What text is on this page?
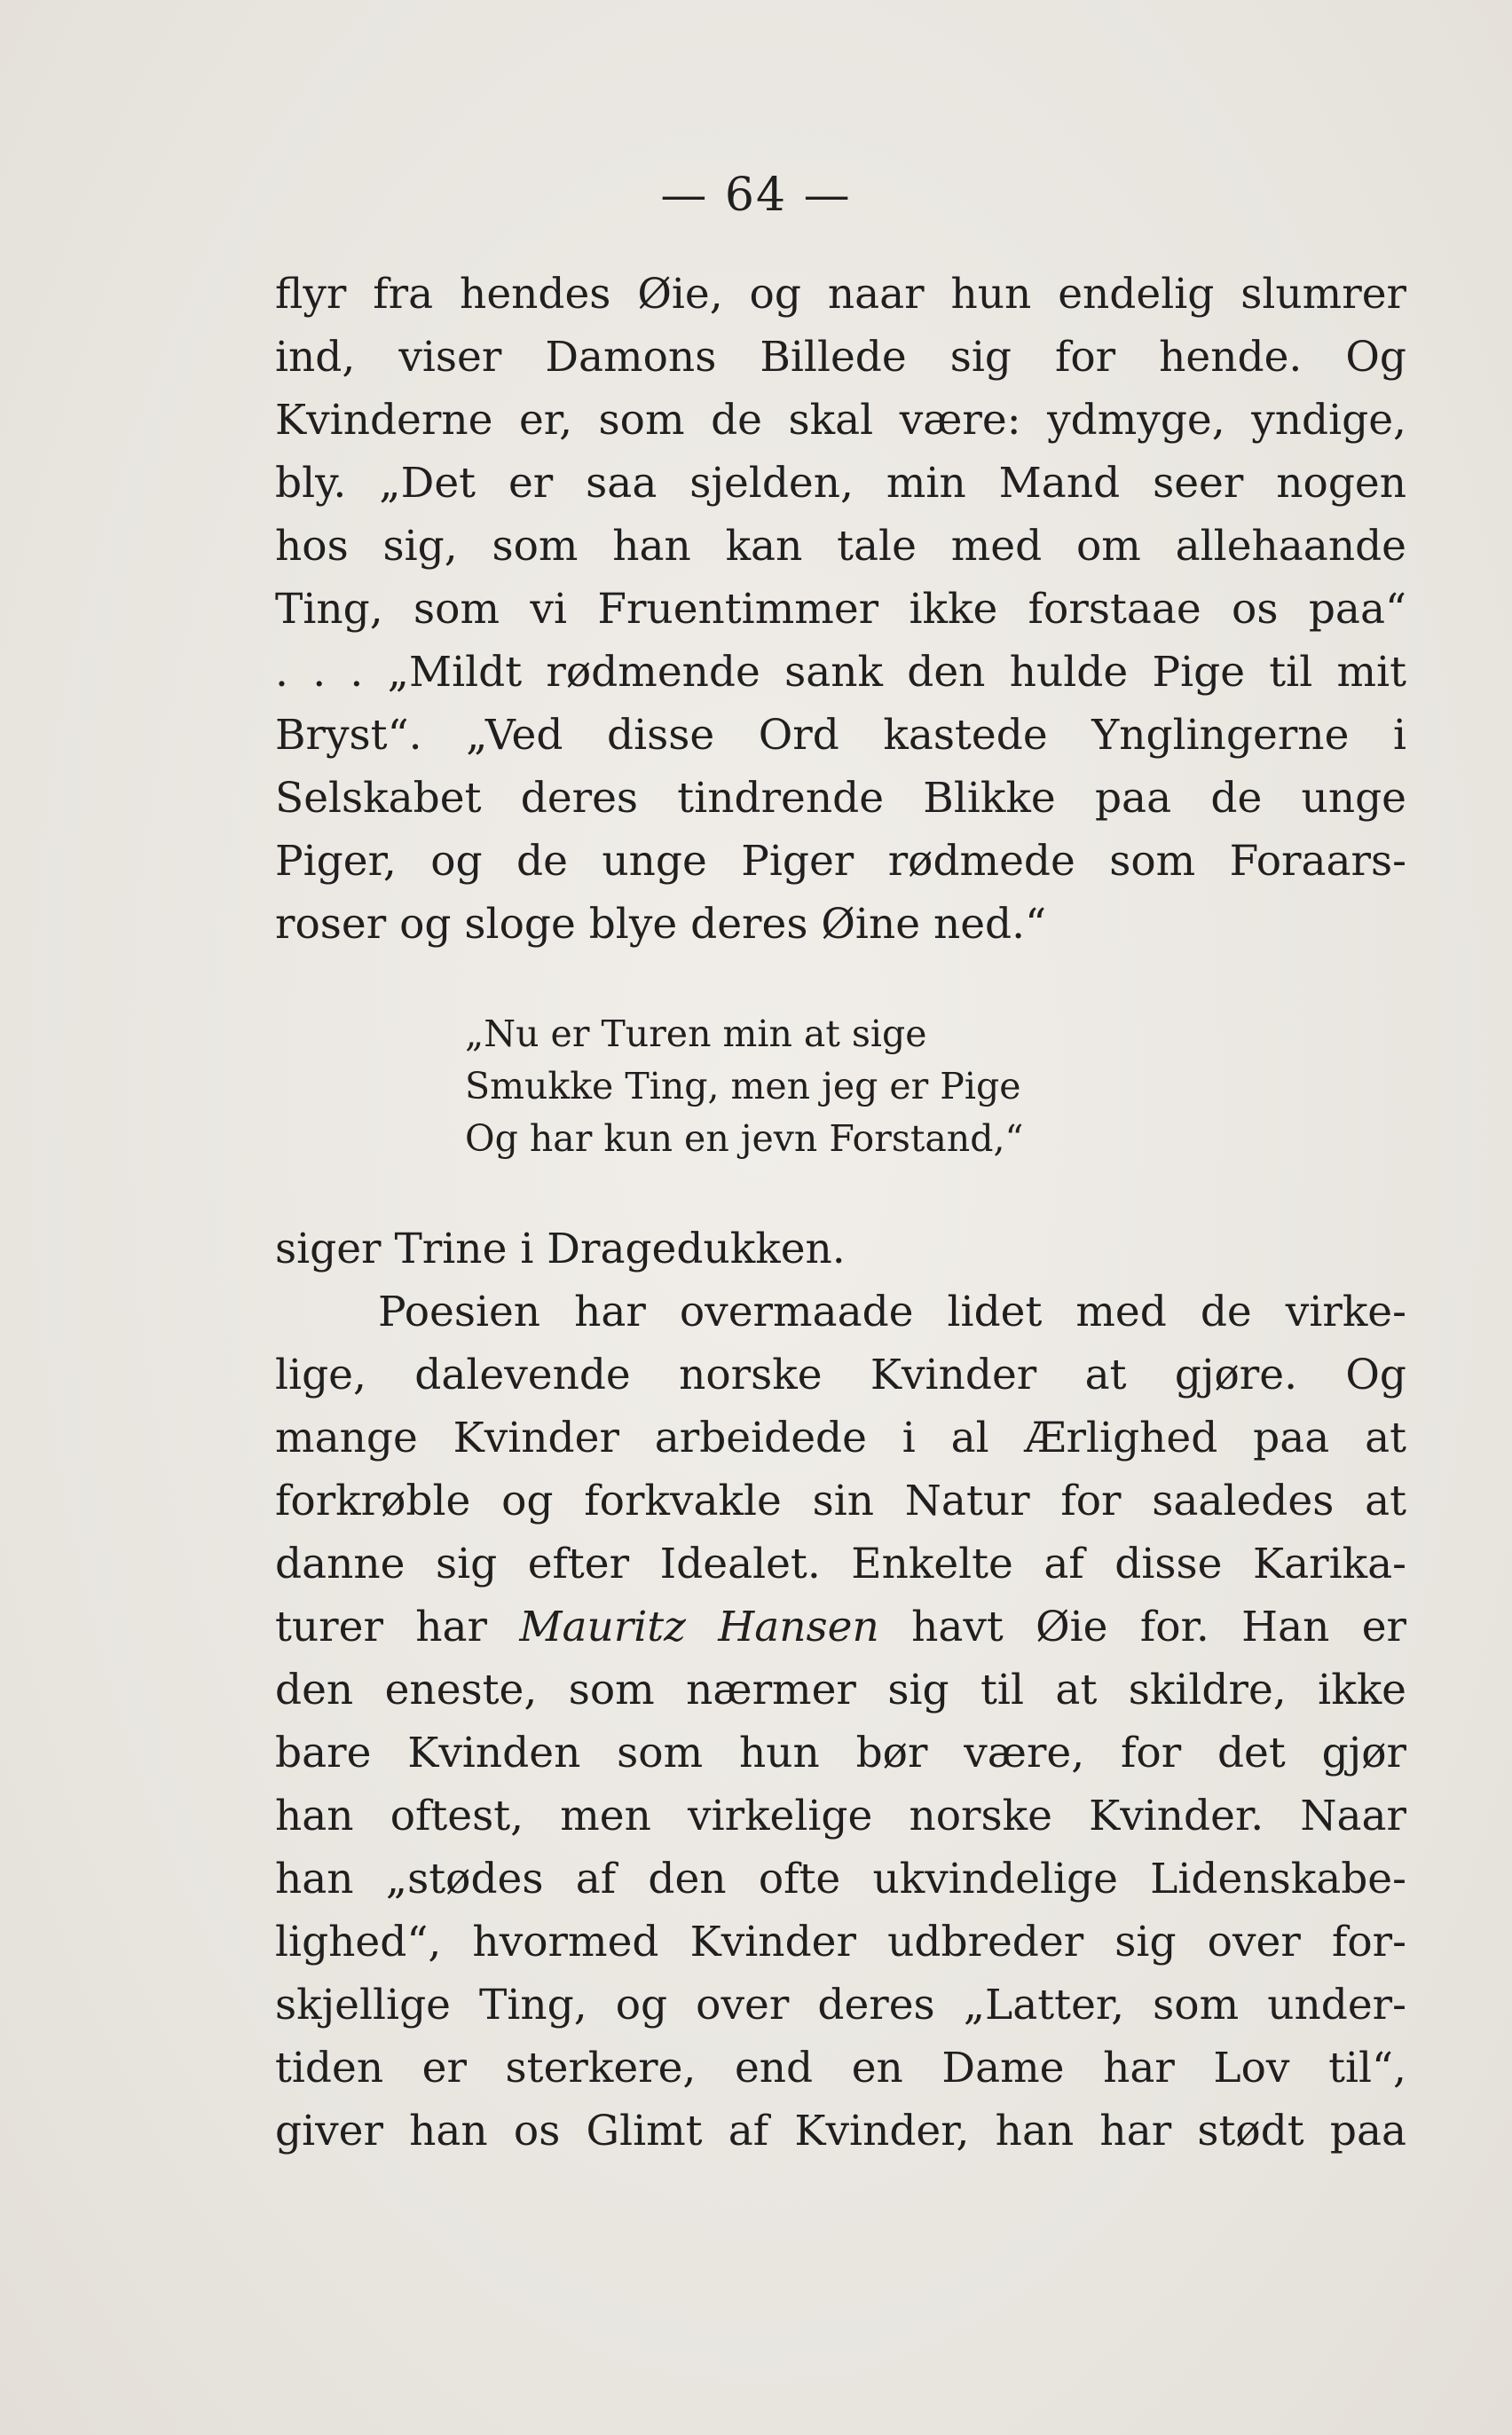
— 64 —
flyr fra hendes Øie, og naar hun endelig slumrer
ind, viser Damons Billede sig for hende. Og
Kvinderne er, som de skal være: ydmyge, yndige,
bly. „Det er saa sjelden, min Mand seer nogen
hos sig, som han kan tale med om allehaande
Ting, som vi Fruentimmer ikke forstaae os paa“
. . . „Mildt rødmende sank den hulde Pige til mit
Bryst“. „Ved disse Ord kastede Ynglingerne i
Selskabet deres tindrende Blikke paa de unge
Piger, og de unge Piger rødmede som Foraars-
roser og sloge blye deres Øine ned.“
„Nu er Turen min at sige
Smukke Ting, men jeg er Pige
Og har kun en jevn Forstand,“
siger Trine i Dragedukken.
Poesien har overmaade lidet med de virke-
lige, dalevende norske Kvinder at gjøre. Og
mange Kvinder arbeidede i al Ærlighed paa at
forkrøble og forkvakle sin Natur for saaledes at
danne sig efter Idealet. Enkelte af disse Karika-
turer har Mauritz Hansen havt Øie for. Han er
den eneste, som nærmer sig til at skildre, ikke
bare Kvinden som hun bør være, for det gjør
han oftest, men virkelige norske Kvinder. Naar
han „stødes af den ofte ukvindelige Lidenskabe-
lighed“, hvormed Kvinder udbreder sig over for-
skjellige Ting, og over deres „Latter, som under-
tiden er sterkere, end en Dame har Lov til“,
giver han os Glimt af Kvinder, han har stødt paa
